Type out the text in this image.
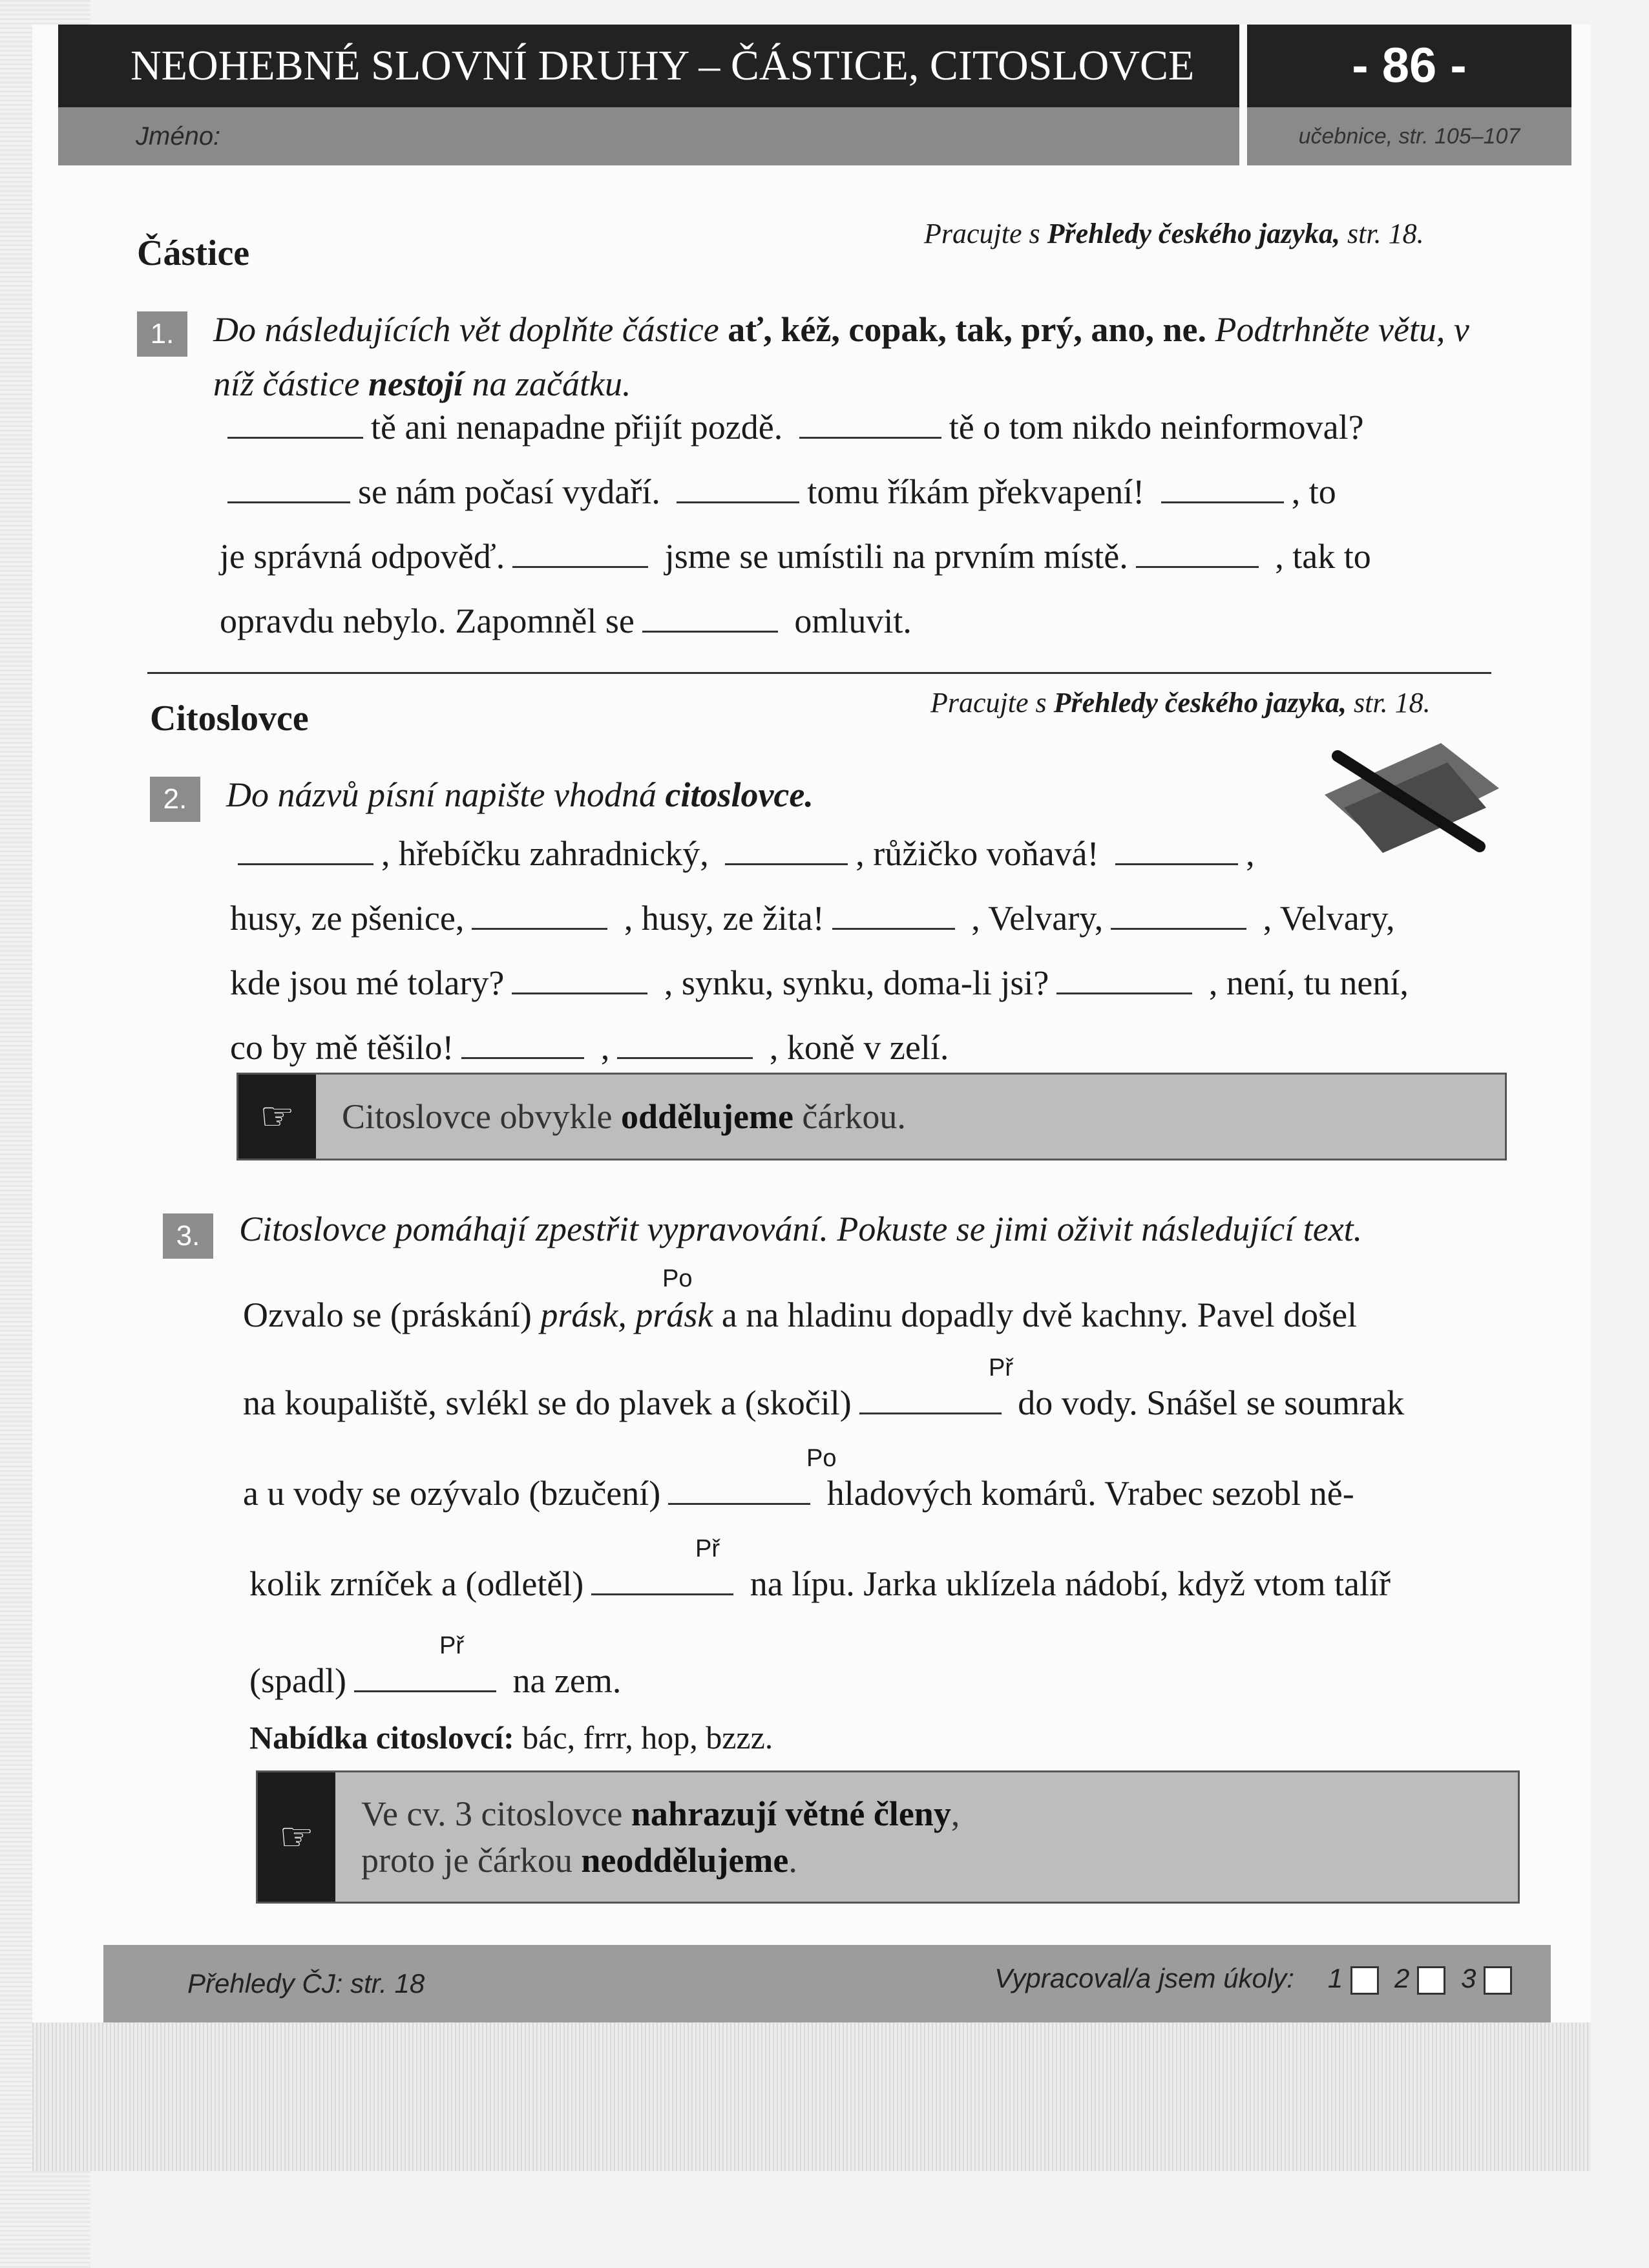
NEOHEBNÉ SLOVNÍ DRUHY – ČÁSTICE, CITOSLOVCE	- 86 -
Jméno:	učebnice, str. 105–107
Částice	Pracujte s Přehledy českého jazyka, str. 18.
1.	Do následujících vět doplňte částice ať, kéž, copak, tak, prý, ano, ne. Podtrhněte větu, v níž částice nestojí na začátku.
tě ani nenapadne přijít pozdě.	tě o tom nikdo neinformoval?
se nám počasí vydaří.	tomu říkám překvapení!	, to
je správná odpověď.	jsme se umístili na prvním místě.	, tak to
opravdu nebylo. Zapomněl se	omluvit.
Citoslovce	Pracujte s Přehledy českého jazyka, str. 18.
2.	Do názvů písní napište vhodná citoslovce.
, hřebíčku zahradnický,	, růžičko voňavá!	,
husy, ze pšenice,	, husy, ze žita!	, Velvary,	, Velvary,
kde jsou mé tolary?	, synku, synku, doma-li jsi?	, není, tu není,
co by mě těšilo!	,	, koně v zelí.
☞	Citoslovce obvykle oddělujeme čárkou.
3.	Citoslovce pomáhají zpestřit vypravování. Pokuste se jimi oživit následující text.
Po
Ozvalo se (práskání) prásk, prásk a na hladinu dopadly dvě kachny. Pavel došel
Př
na koupaliště, svlékl se do plavek a (skočil)	do vody. Snášel se soumrak
Po
a u vody se ozývalo (bzučení)	hladových komárů. Vrabec sezobl ně-
Př
kolik zrníček a (odletěl)	na lípu. Jarka uklízela nádobí, když vtom talíř
Př
(spadl)	na zem.
Nabídka citoslovcí: bác, frrr, hop, bzzz.
☞
Ve cv. 3 citoslovce nahrazují větné členy,
proto je čárkou neoddělujeme.
Přehledy ČJ: str. 18	Vypracoval/a jsem úkoly: 1	2	3
